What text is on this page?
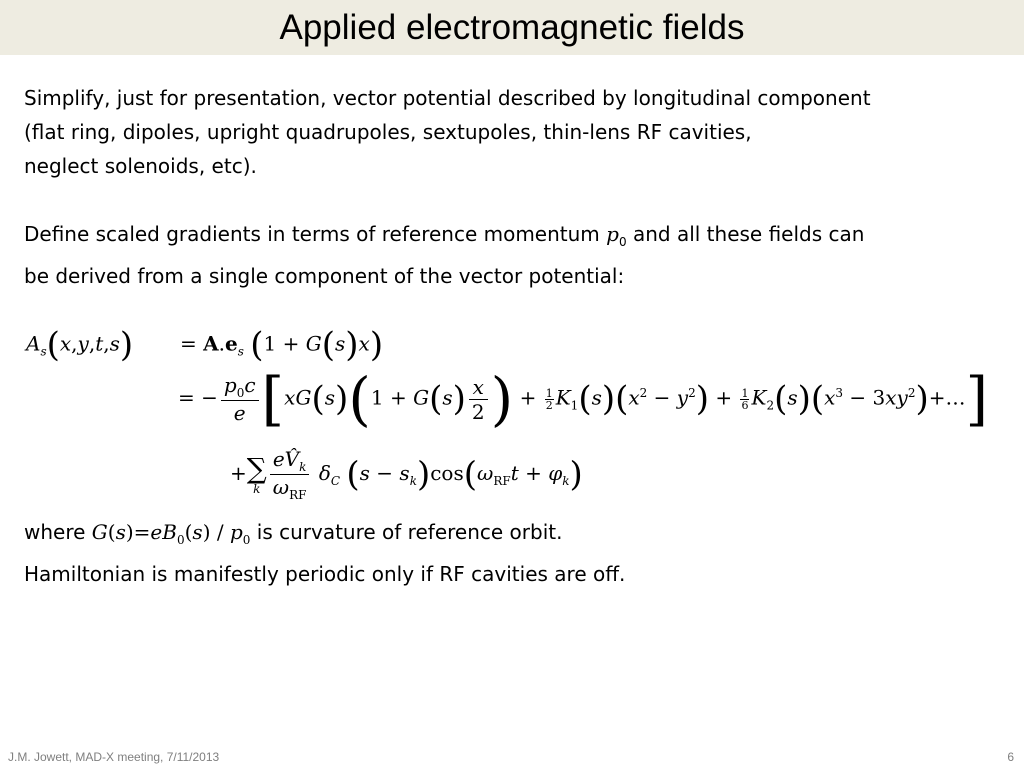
Applied electromagnetic fields
Simplify, just for presentation, vector potential described by longitudinal component
(flat ring, dipoles, upright quadrupoles, sextupoles, thin-lens RF cavities,
neglect solenoids, etc).
Define scaled gradients in terms of reference momentum $p_0$ and all these fields can
be derived from a single component of the vector potential:
$A_s(x,y,t,s) = A.e_s$ (1 + G(s)x)
= − $\frac{p_0c}{e} [xG(s)(1 + G(s) \frac{x}{2}$ ) + $\frac{1}{2} K_1(s)(x^2 - y^2) + \frac{1}{6} K_2(s)(x^3$ − $3xy^2)+\dots$]
+ ∑
k $\frac{eV̂_k}{\omega_{RF}} \delta_C$ $(s - s_k)\cos(\omega_{RF}t + \varphi_k)$
where $G(s)=eB_0(s) / p_0$ is curvature of reference orbit.
Hamiltonian is manifestly periodic only if RF cavities are off.
J.M. Jowett, MAD-X meeting, 7/11/2013	6
